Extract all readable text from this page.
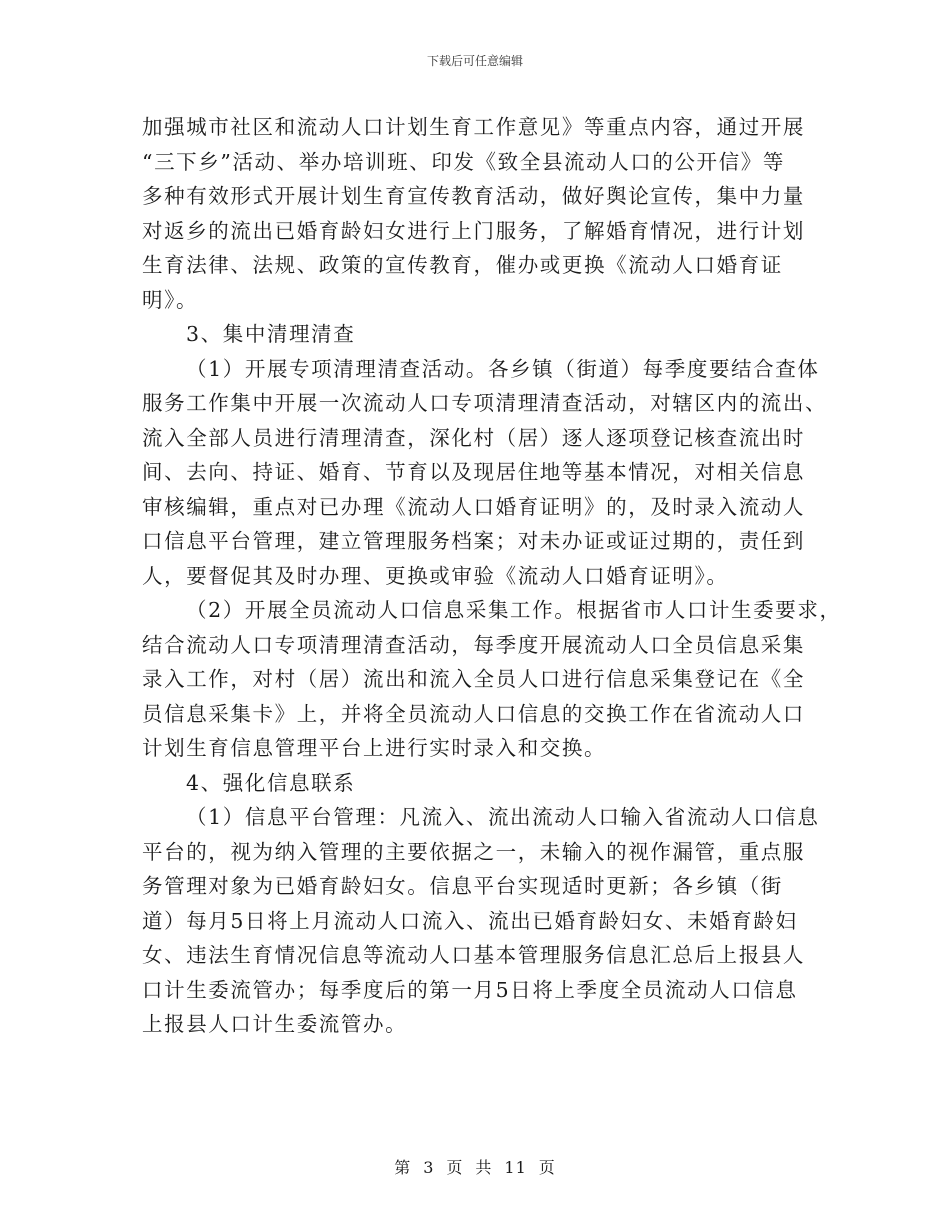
下载后可任意编辑
加强城市社区和流动人口计划生育工作意见》等重点内容，通过开展
“三下乡”活动、举办培训班、印发《致全县流动人口的公开信》等
多种有效形式开展计划生育宣传教育活动，做好舆论宣传，集中力量
对返乡的流出已婚育龄妇女进行上门服务，了解婚育情况，进行计划
生育法律、法规、政策的宣传教育，催办或更换《流动人口婚育证
明》。
3、集中清理清查
（1）开展专项清理清查活动。各乡镇（街道）每季度要结合查体
服务工作集中开展一次流动人口专项清理清查活动，对辖区内的流出、
流入全部人员进行清理清查，深化村（居）逐人逐项登记核查流出时
间、去向、持证、婚育、节育以及现居住地等基本情况，对相关信息
审核编辑，重点对已办理《流动人口婚育证明》的，及时录入流动人
口信息平台管理，建立管理服务档案；对未办证或证过期的，责任到
人，要督促其及时办理、更换或审验《流动人口婚育证明》。
（2）开展全员流动人口信息采集工作。根据省市人口计生委要求，
结合流动人口专项清理清查活动，每季度开展流动人口全员信息采集
录入工作，对村（居）流出和流入全员人口进行信息采集登记在《全
员信息采集卡》上，并将全员流动人口信息的交换工作在省流动人口
计划生育信息管理平台上进行实时录入和交换。
4、强化信息联系
（1）信息平台管理：凡流入、流出流动人口输入省流动人口信息
平台的，视为纳入管理的主要依据之一，未输入的视作漏管，重点服
务管理对象为已婚育龄妇女。信息平台实现适时更新；各乡镇（街
道）每月5日将上月流动人口流入、流出已婚育龄妇女、未婚育龄妇
女、违法生育情况信息等流动人口基本管理服务信息汇总后上报县人
口计生委流管办；每季度后的第一月5日将上季度全员流动人口信息
上报县人口计生委流管办。
第 3 页 共 11 页
